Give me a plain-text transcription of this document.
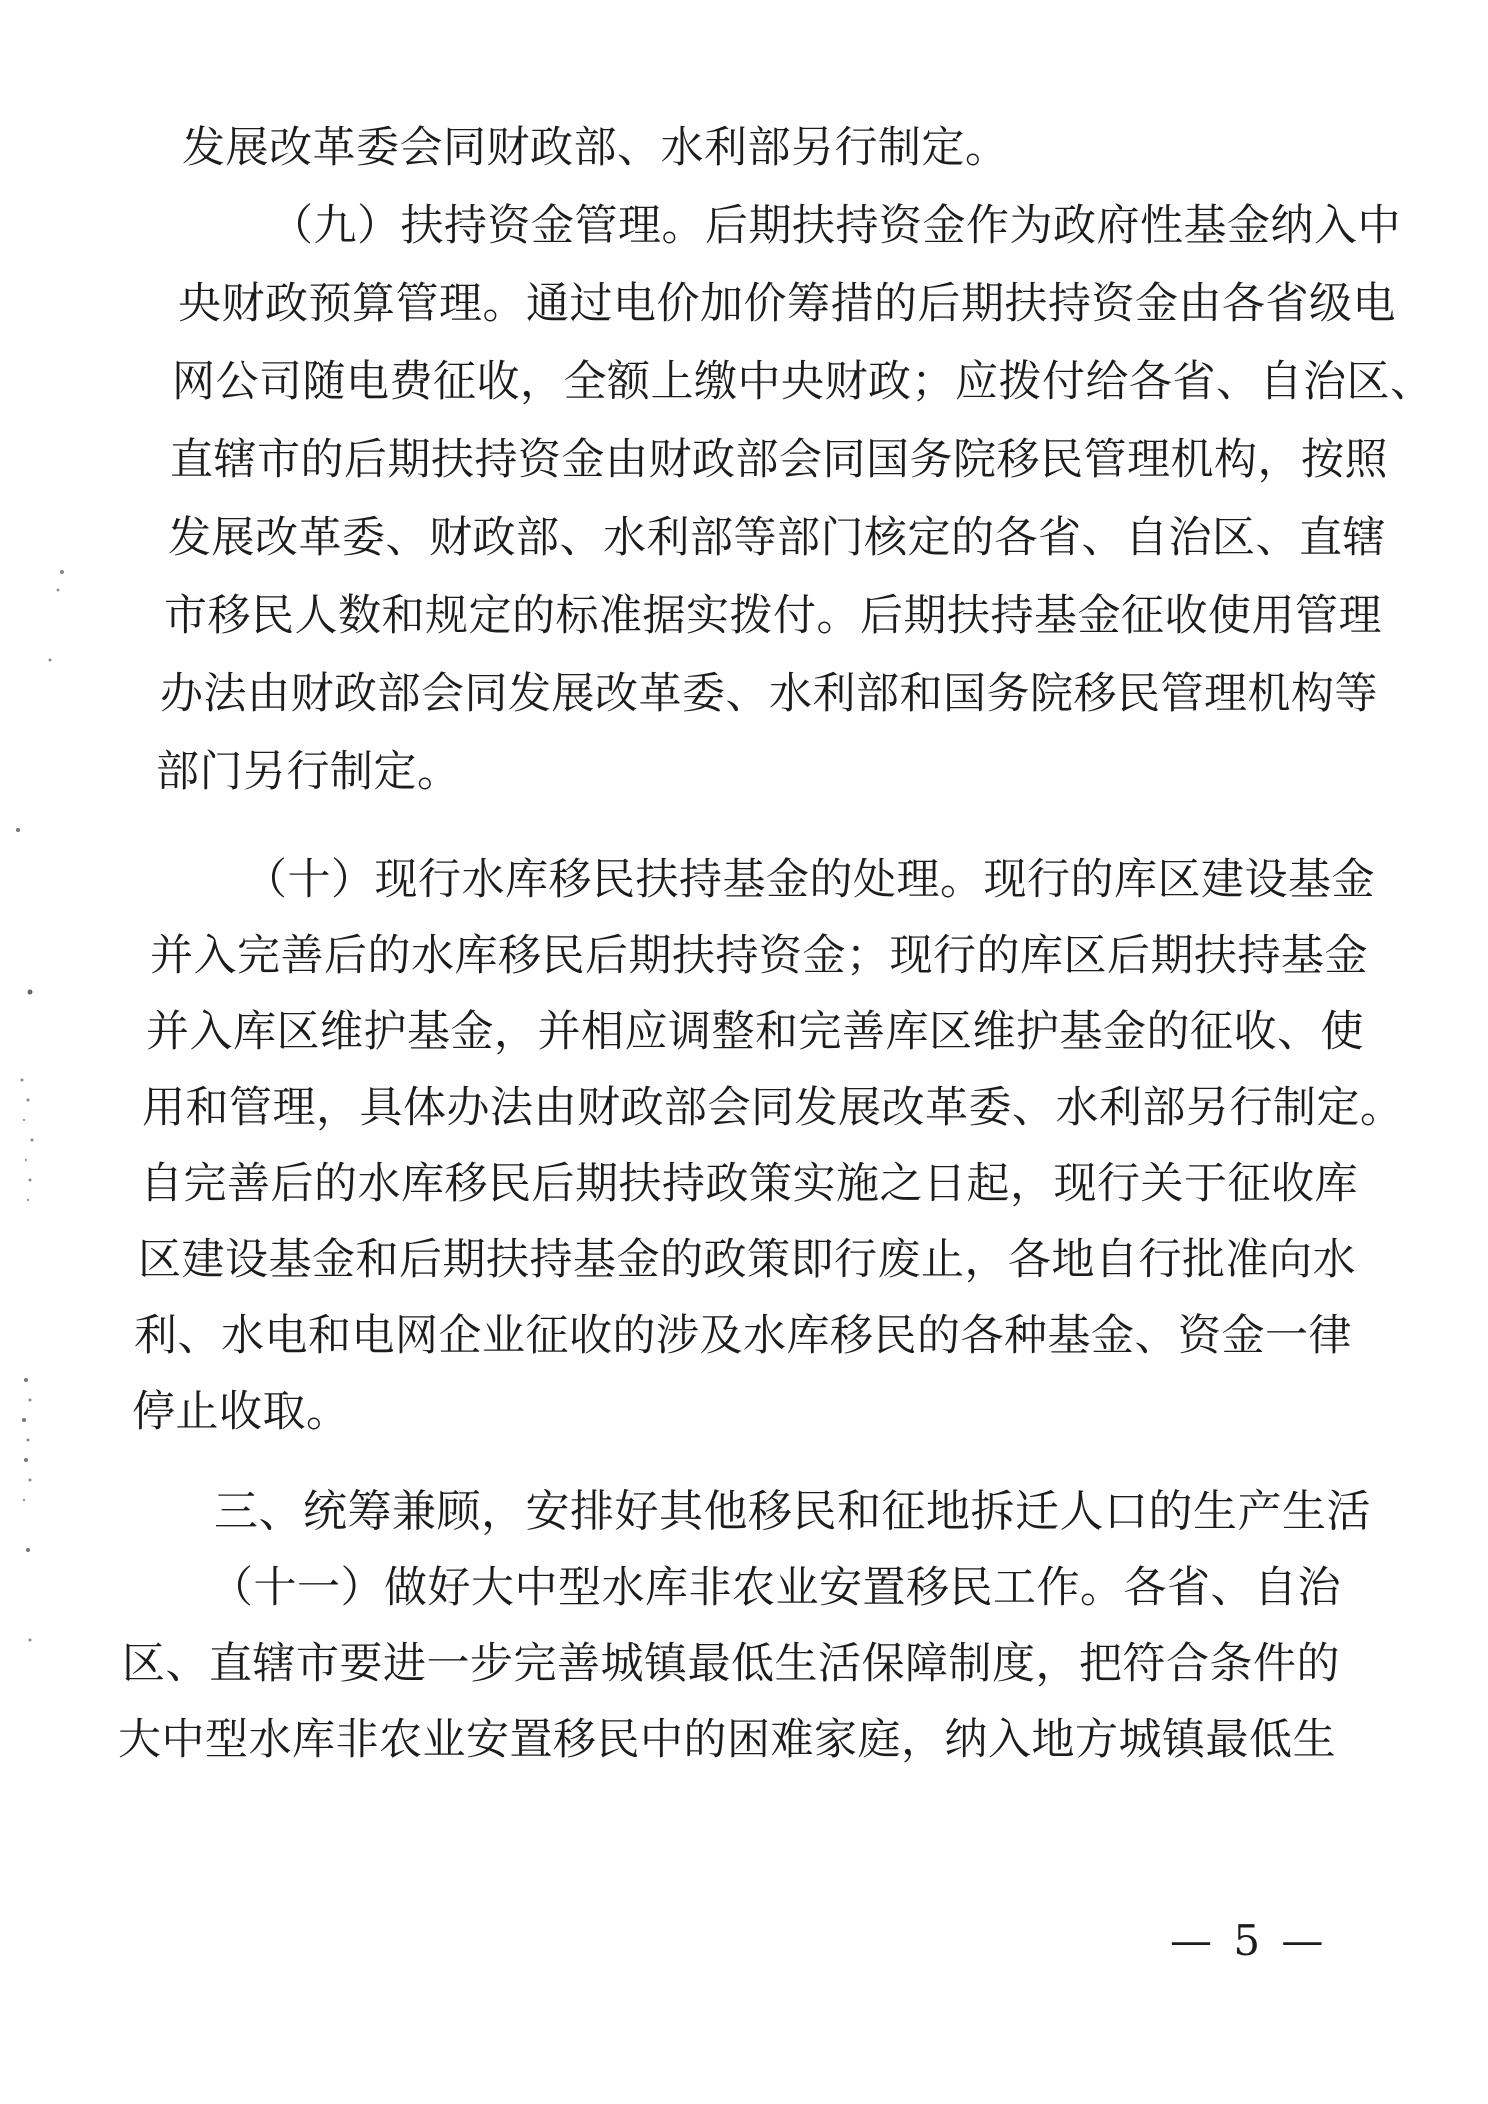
发展改革委会同财政部、水利部另行制定。
（九）扶持资金管理。后期扶持资金作为政府性基金纳入中
央财政预算管理。通过电价加价筹措的后期扶持资金由各省级电
网公司随电费征收，全额上缴中央财政；应拨付给各省、自治区、
直辖市的后期扶持资金由财政部会同国务院移民管理机构，按照
发展改革委、财政部、水利部等部门核定的各省、自治区、直辖
市移民人数和规定的标准据实拨付。后期扶持基金征收使用管理
办法由财政部会同发展改革委、水利部和国务院移民管理机构等
部门另行制定。
（十）现行水库移民扶持基金的处理。现行的库区建设基金
并入完善后的水库移民后期扶持资金；现行的库区后期扶持基金
并入库区维护基金，并相应调整和完善库区维护基金的征收、使
用和管理，具体办法由财政部会同发展改革委、水利部另行制定。
自完善后的水库移民后期扶持政策实施之日起，现行关于征收库
区建设基金和后期扶持基金的政策即行废止，各地自行批准向水
利、水电和电网企业征收的涉及水库移民的各种基金、资金一律
停止收取。
三、统筹兼顾，安排好其他移民和征地拆迁人口的生产生活
（十一）做好大中型水库非农业安置移民工作。各省、自治
区、直辖市要进一步完善城镇最低生活保障制度，把符合条件的
大中型水库非农业安置移民中的困难家庭，纳入地方城镇最低生
— 5 —
